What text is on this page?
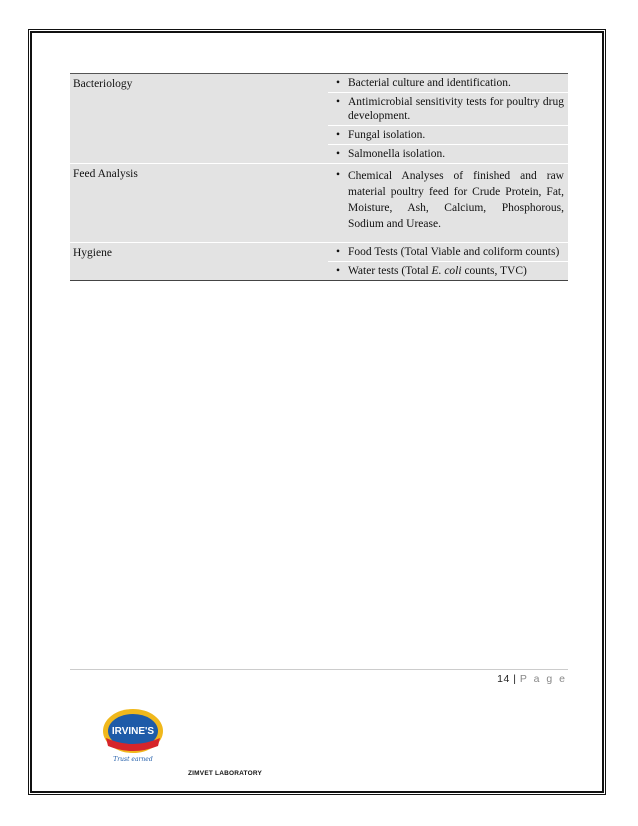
Bacteriology	• Bacterial culture and identification.
• Antimicrobial sensitivity tests for poultry drug development.
• Fungal isolation.
• Salmonella isolation.
Feed Analysis	• Chemical Analyses of finished and raw material poultry feed for Crude Protein, Fat, Moisture, Ash, Calcium, Phosphorous, Sodium and Urease.
Hygiene	• Food Tests (Total Viable and coliform counts)
• Water tests (Total E. coli counts, TVC)
14 | P a g e
IRVINE'S
Trust earned
ZIMVET LABORATORY
